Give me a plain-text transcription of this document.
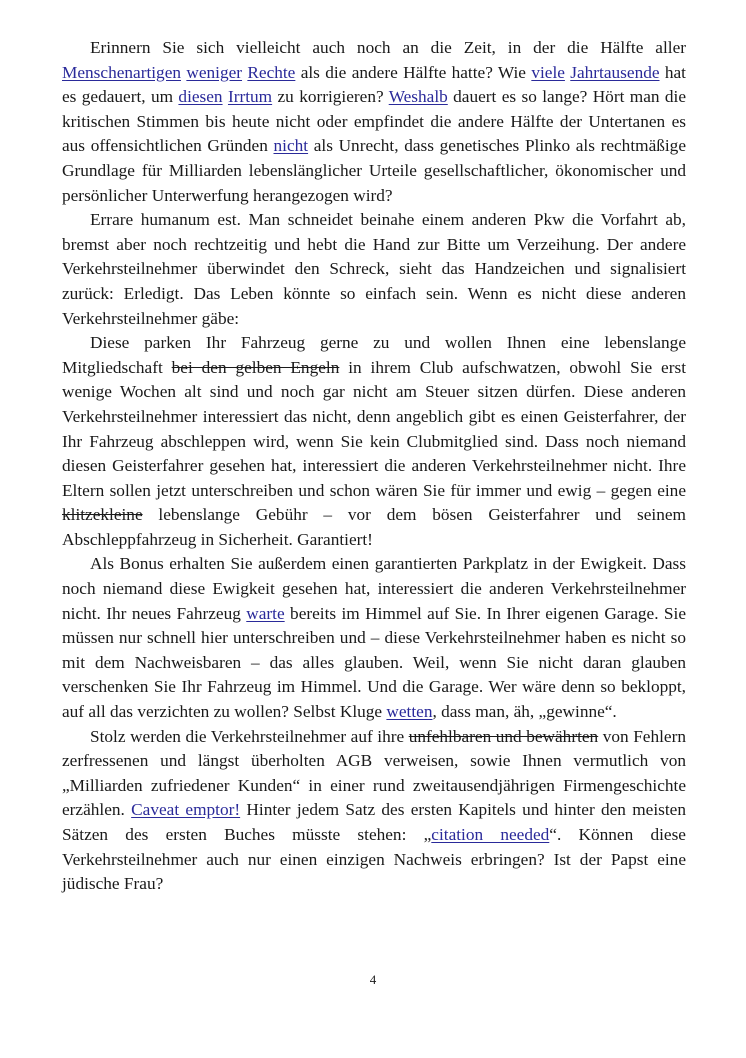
Erinnern Sie sich vielleicht auch noch an die Zeit, in der die Hälfte aller Menschenartigen weniger Rechte als die andere Hälfte hatte? Wie viele Jahrtausende hat es gedauert, um diesen Irrtum zu korrigieren? Weshalb dauert es so lange? Hört man die kritischen Stimmen bis heute nicht oder empfindet die andere Hälfte der Untertanen es aus offensichtlichen Gründen nicht als Unrecht, dass genetisches Plinko als rechtmäßige Grundlage für Milliarden lebenslänglicher Urteile gesellschaftlicher, ökonomischer und persönlicher Unterwerfung herangezogen wird?

Errare humanum est. Man schneidet beinahe einem anderen Pkw die Vorfahrt ab, bremst aber noch rechtzeitig und hebt die Hand zur Bitte um Verzeihung. Der andere Verkehrsteilnehmer überwindet den Schreck, sieht das Handzeichen und signalisiert zurück: Erledigt. Das Leben könnte so einfach sein. Wenn es nicht diese anderen Verkehrsteilnehmer gäbe:

Diese parken Ihr Fahrzeug gerne zu und wollen Ihnen eine lebenslange Mitgliedschaft bei den gelben Engeln in ihrem Club aufschwatzen, obwohl Sie erst wenige Wochen alt sind und noch gar nicht am Steuer sitzen dürfen. Diese anderen Verkehrsteilnehmer interessiert das nicht, denn angeblich gibt es einen Geisterfahrer, der Ihr Fahrzeug abschleppen wird, wenn Sie kein Clubmitglied sind. Dass noch niemand diesen Geisterfahrer gesehen hat, interessiert die anderen Verkehrsteilnehmer nicht. Ihre Eltern sollen jetzt unterschreiben und schon wären Sie für immer und ewig – gegen eine klitzekleine lebenslange Gebühr – vor dem bösen Geisterfahrer und seinem Abschleppfahrzeug in Sicherheit. Garantiert!

Als Bonus erhalten Sie außerdem einen garantierten Parkplatz in der Ewigkeit. Dass noch niemand diese Ewigkeit gesehen hat, interessiert die anderen Verkehrsteilnehmer nicht. Ihr neues Fahrzeug warte bereits im Himmel auf Sie. In Ihrer eigenen Garage. Sie müssen nur schnell hier unterschreiben und – diese Verkehrsteilnehmer haben es nicht so mit dem Nachweisbaren – das alles glauben. Weil, wenn Sie nicht daran glauben verschenken Sie Ihr Fahrzeug im Himmel. Und die Garage. Wer wäre denn so bekloppt, auf all das verzichten zu wollen? Selbst Kluge wetten, dass man, äh, „gewinne“.

Stolz werden die Verkehrsteilnehmer auf ihre unfehlbaren und bewährten von Fehlern zerfressenen und längst überholten AGB verweisen, sowie Ihnen vermutlich von „Milliarden zufriedener Kunden“ in einer rund zweitausendjährigen Firmengeschichte erzählen. Caveat emptor! Hinter jedem Satz des ersten Kapitels und hinter den meisten Sätzen des ersten Buches müsste stehen: „citation needed“. Können diese Verkehrsteilnehmer auch nur einen einzigen Nachweis erbringen? Ist der Papst eine jüdische Frau?

4
